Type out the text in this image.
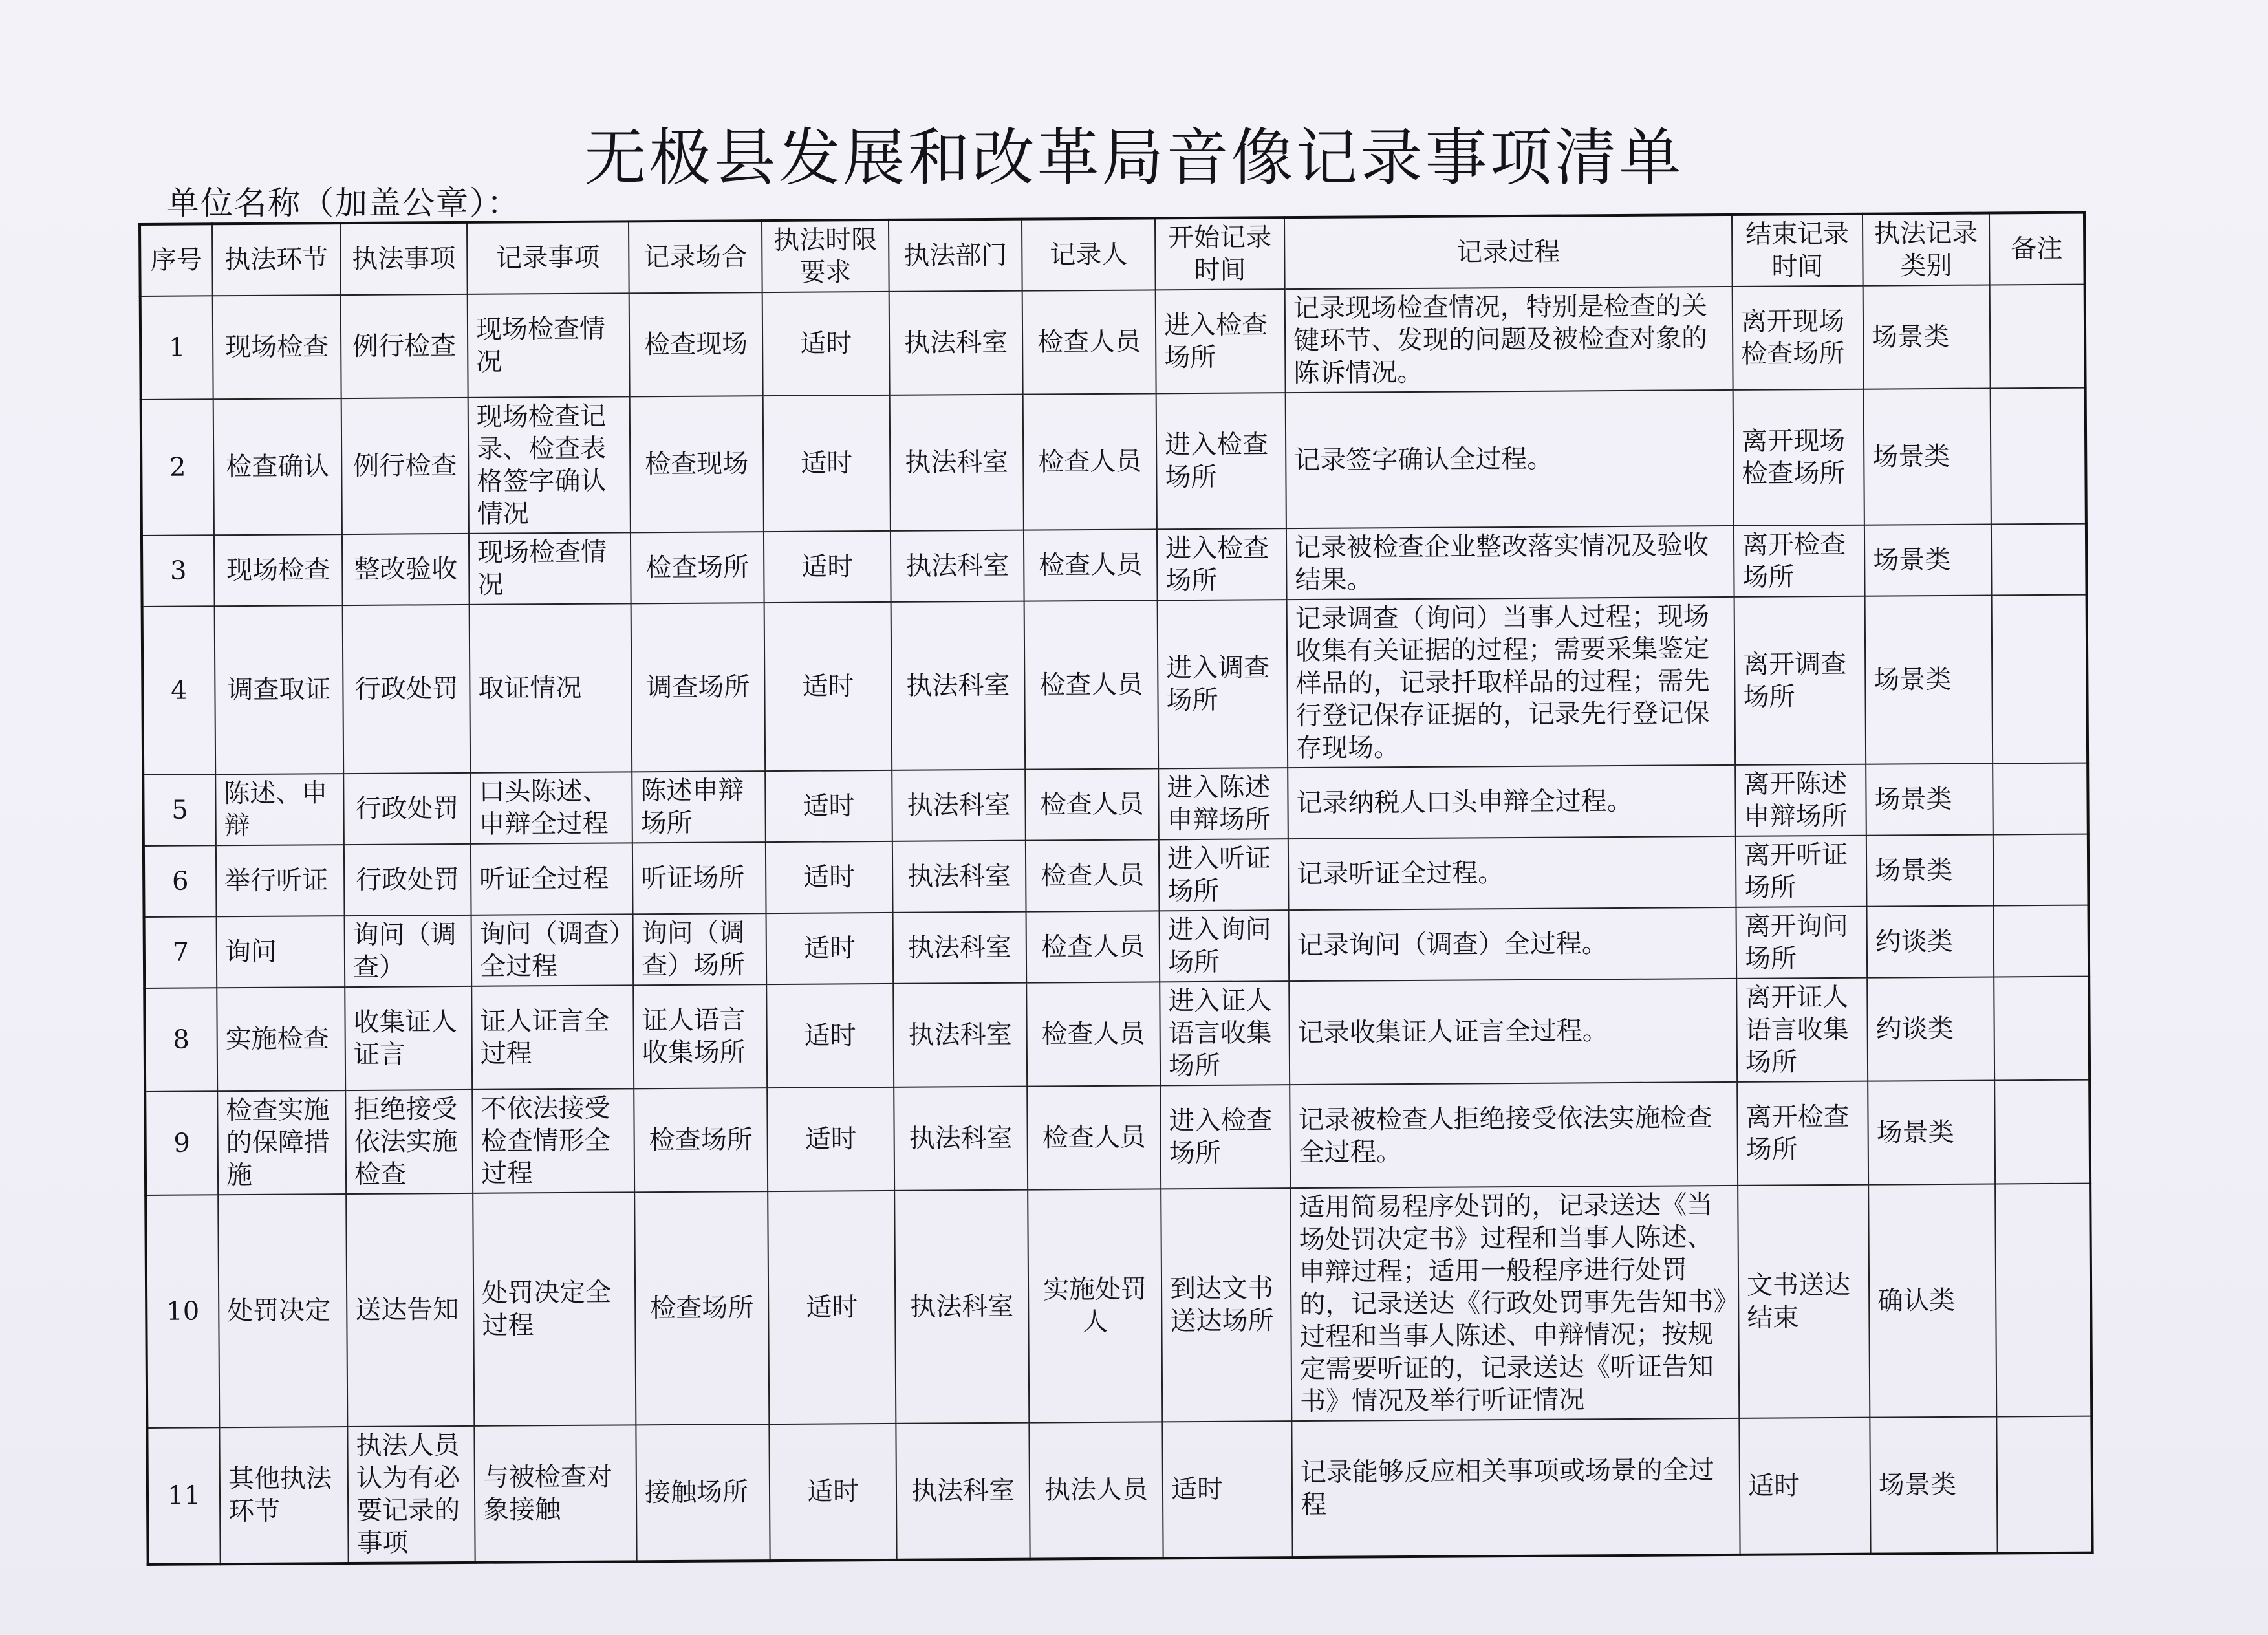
无极县发展和改革局音像记录事项清单
单位名称（加盖公章）：
序号	执法环节	执法事项	记录事项	记录场合	执法时限要求	执法部门	记录人	开始记录时间	记录过程	结束记录时间	执法记录类别	备注
1	现场检查	例行检查	现场检查情况	检查现场	适时	执法科室	检查人员	进入检查场所	记录现场检查情况，特别是检查的关键环节、发现的问题及被检查对象的陈诉情况。	离开现场检查场所	场景类	
2	检查确认	例行检查	现场检查记录、检查表格签字确认情况	检查现场	适时	执法科室	检查人员	进入检查场所	记录签字确认全过程。	离开现场检查场所	场景类	
3	现场检查	整改验收	现场检查情况	检查场所	适时	执法科室	检查人员	进入检查场所	记录被检查企业整改落实情况及验收结果。	离开检查场所	场景类	
4	调查取证	行政处罚	取证情况	调查场所	适时	执法科室	检查人员	进入调查场所	记录调查（询问）当事人过程；现场收集有关证据的过程；需要采集鉴定样品的，记录扦取样品的过程；需先行登记保存证据的，记录先行登记保存现场。	离开调查场所	场景类	
5	陈述、申辩	行政处罚	口头陈述、申辩全过程	陈述申辩场所	适时	执法科室	检查人员	进入陈述申辩场所	记录纳税人口头申辩全过程。	离开陈述申辩场所	场景类	
6	举行听证	行政处罚	听证全过程	听证场所	适时	执法科室	检查人员	进入听证场所	记录听证全过程。	离开听证场所	场景类	
7	询问	询问（调查）	询问（调查）全过程	询问（调查）场所	适时	执法科室	检查人员	进入询问场所	记录询问（调查）全过程。	离开询问场所	约谈类	
8	实施检查	收集证人证言	证人证言全过程	证人语言收集场所	适时	执法科室	检查人员	进入证人语言收集场所	记录收集证人证言全过程。	离开证人语言收集场所	约谈类	
9	检查实施的保障措施	拒绝接受依法实施检查	不依法接受检查情形全过程	检查场所	适时	执法科室	检查人员	进入检查场所	记录被检查人拒绝接受依法实施检查全过程。	离开检查场所	场景类	
10	处罚决定	送达告知	处罚决定全过程	检查场所	适时	执法科室	实施处罚人	到达文书送达场所	适用简易程序处罚的，记录送达《当场处罚决定书》过程和当事人陈述、申辩过程；适用一般程序进行处罚的，记录送达《行政处罚事先告知书》过程和当事人陈述、申辩情况；按规定需要听证的，记录送达《听证告知书》情况及举行听证情况	文书送达结束	确认类	
11	其他执法环节	执法人员认为有必要记录的事项	与被检查对象接触	接触场所	适时	执法科室	执法人员	适时	记录能够反应相关事项或场景的全过程	适时	场景类	
